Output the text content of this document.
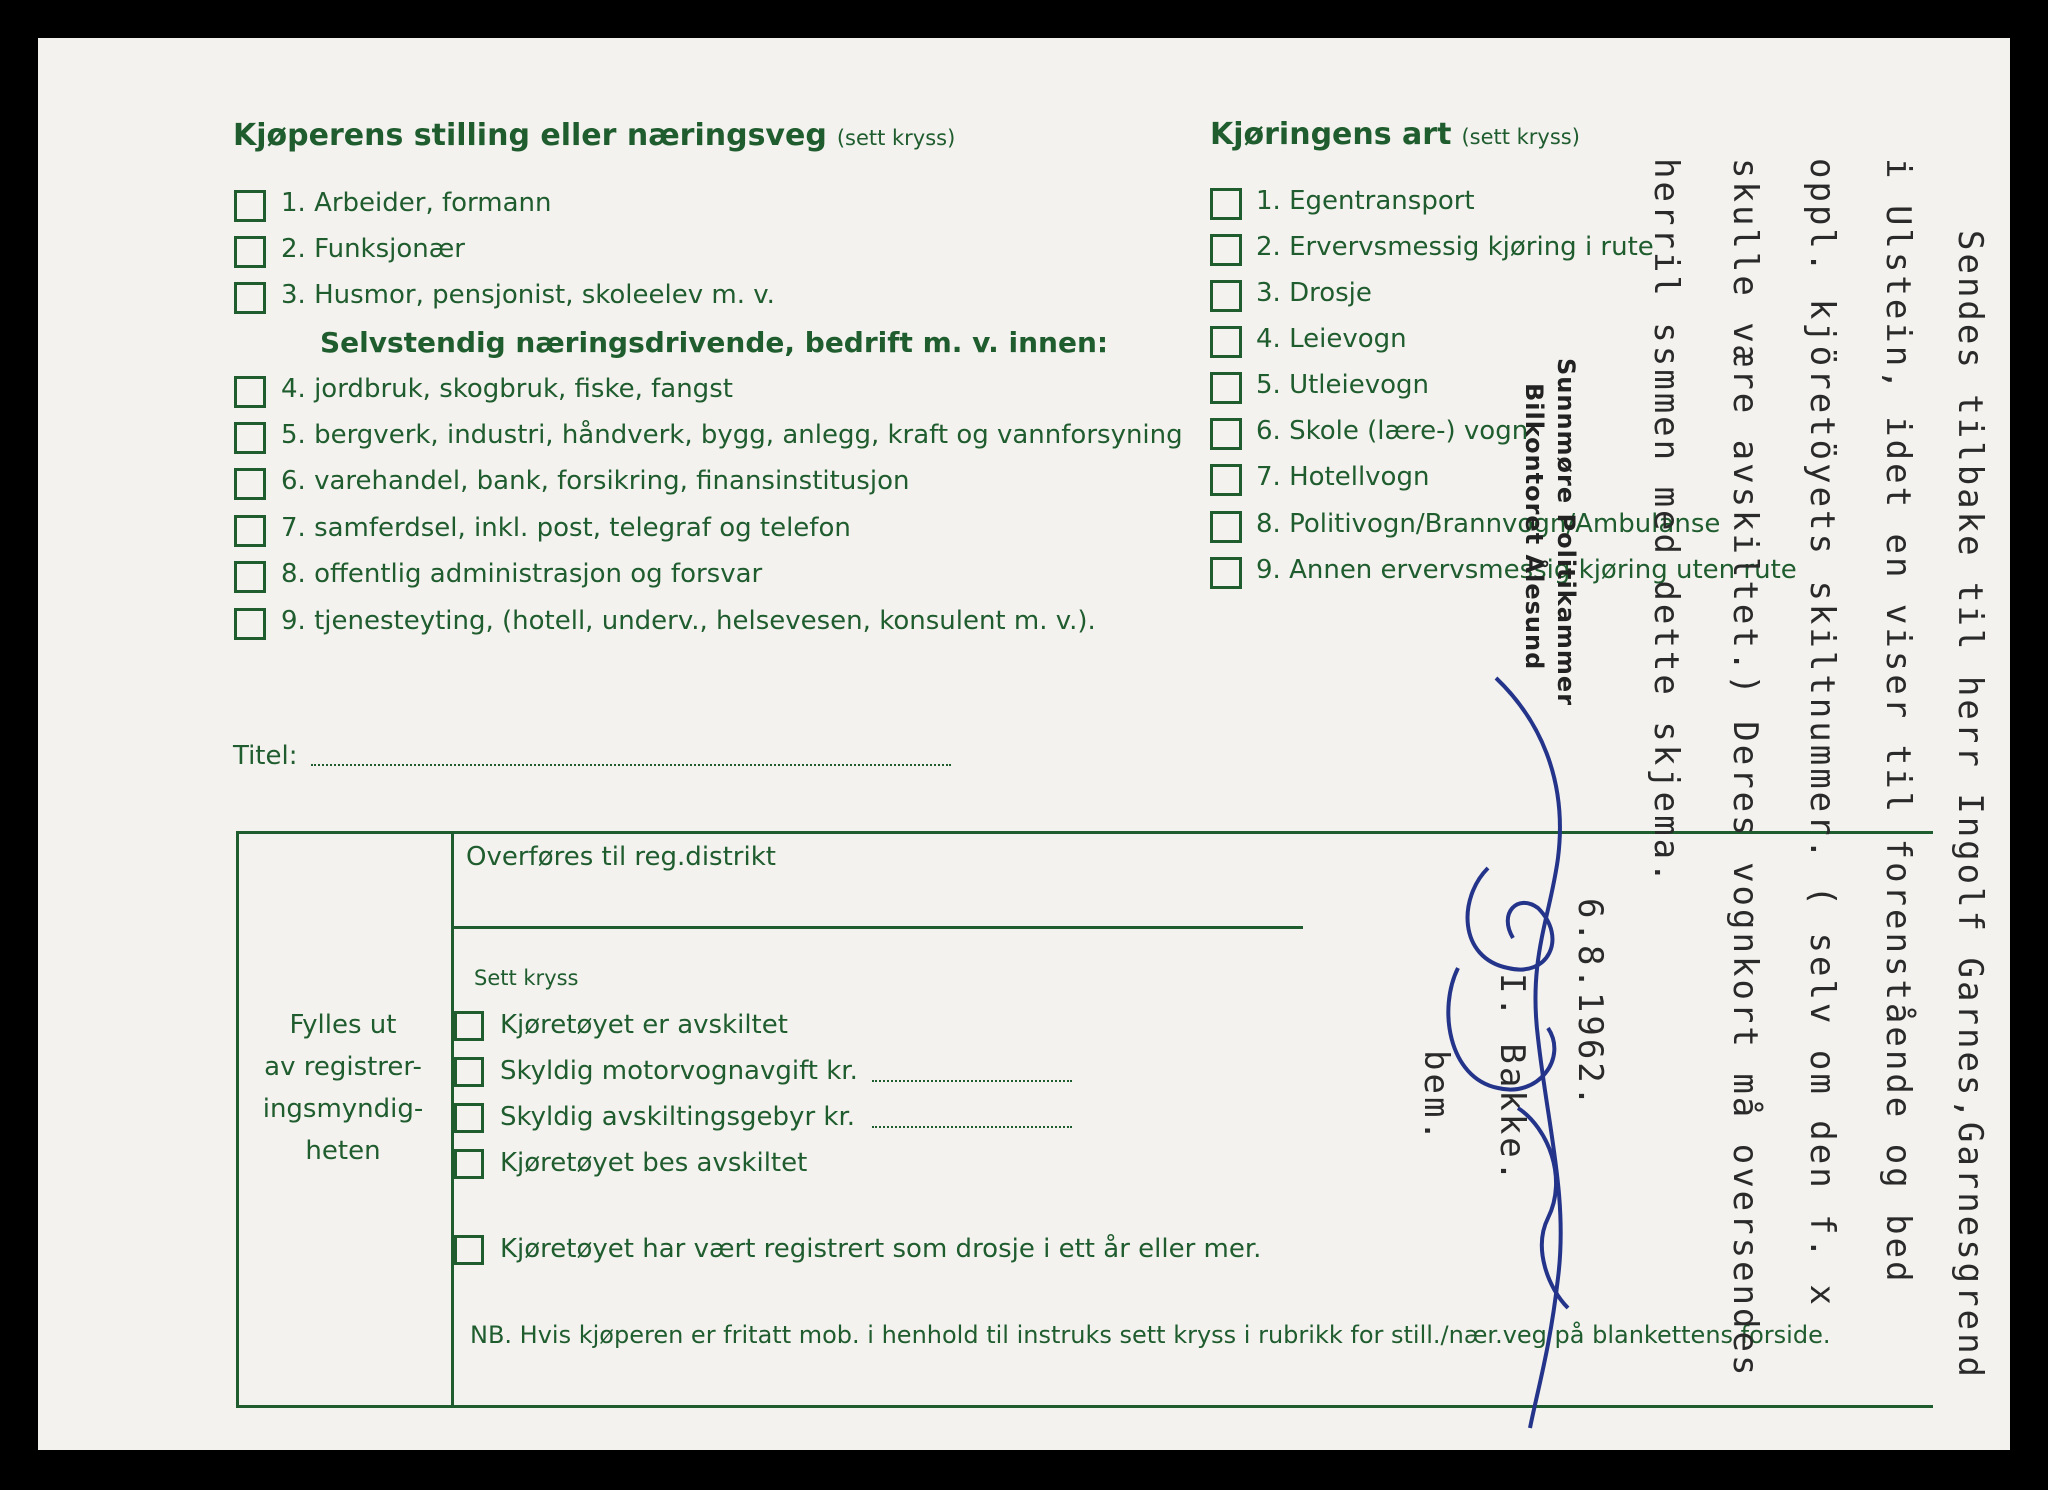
Kjøperens stilling eller næringsveg (sett kryss)
1. Arbeider, formann
2. Funksjonær
3. Husmor, pensjonist, skoleelev m. v.
Selvstendig næringsdrivende, bedrift m. v. innen:
4. jordbruk, skogbruk, fiske, fangst
5. bergverk, industri, håndverk, bygg, anlegg, kraft og vannforsyning
6. varehandel, bank, forsikring, finansinstitusjon
7. samferdsel, inkl. post, telegraf og telefon
8. offentlig administrasjon og forsvar
9. tjenesteyting, (hotell, underv., helsevesen, konsulent m. v.).
Titel:
Kjøringens art (sett kryss)
1. Egentransport
2. Ervervsmessig kjøring i rute
3. Drosje
4. Leievogn
5. Utleievogn
6. Skole (lære-) vogn
7. Hotellvogn
8. Politivogn/Brannvogn/Ambulanse
9. Annen ervervsmessig kjøring uten rute
Fylles ut
av registrer-
ingsmyndig-
heten
Overføres til reg.distrikt
Sett kryss
Kjøretøyet er avskiltet
Skyldig motorvognavgift kr.
Skyldig avskiltingsgebyr kr.
Kjøretøyet bes avskiltet
Kjøretøyet har vært registrert som drosje i ett år eller mer.
NB. Hvis kjøperen er fritatt mob. i henhold til instruks sett kryss i rubrikk for still./nær.veg på blankettens forside.	Sendes tilbake til herr Ingolf Garnes,Garnesgrend
i Ulstein, idet en viser til forenstående og bed
oppl. kjöretöyets skiltnummer. ( selv om den f. x
skulle være avskiltet.) Deres vognkort må oversendes
herril ssmmen med dette skjema.
6.8.1962.
I. Bakke.
bem.
Sunnmøre Politikammer
Bilkontoret Ålesund
